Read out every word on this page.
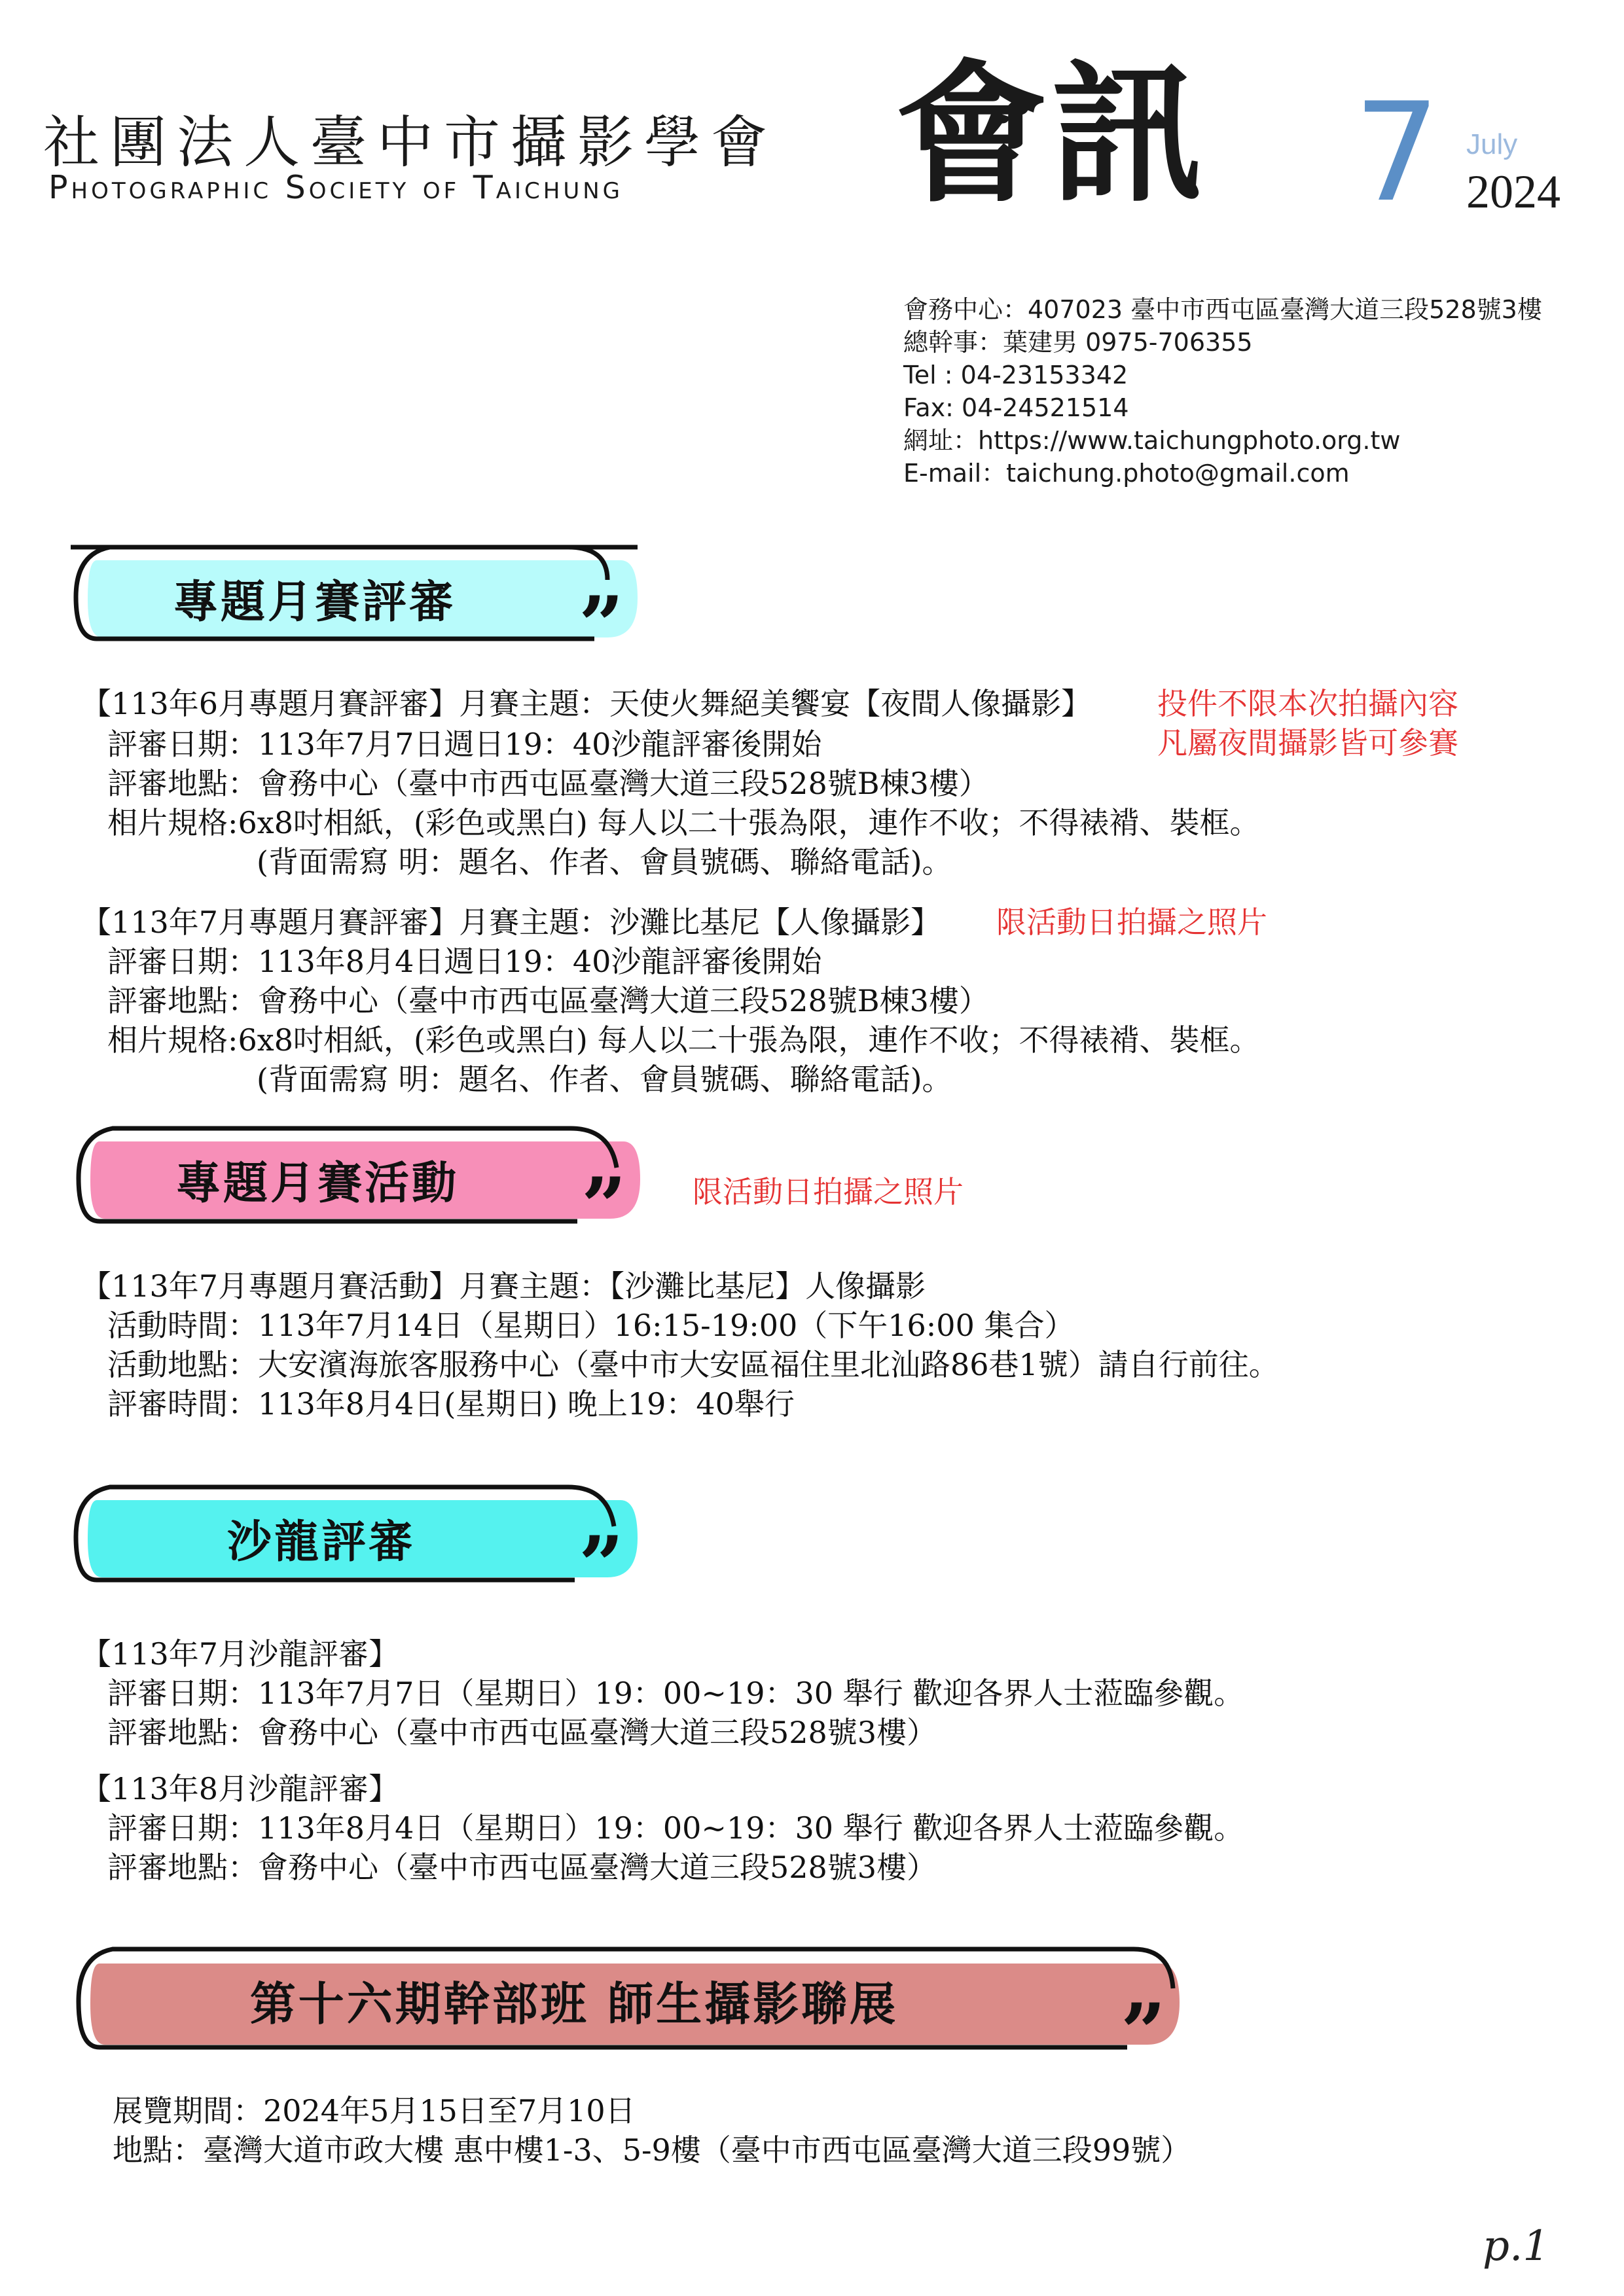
社團法人臺中市攝影學會
Photographic Society of Taichung 會訊 7 July
2024
會務中心：407023 臺中市西屯區臺灣大道三段528號3樓
總幹事：葉建男 0975-706355
Tel : 04-23153342
Fax: 04-24521514
網址：https://www.taichungphoto.org.tw
E-mail：taichung.photo@gmail.com
專題月賽評審	”
【113年6月專題月賽評審】月賽主題：天使火舞絕美饗宴【夜間人像攝影】 投件不限本次拍攝內容
凡屬夜間攝影皆可參賽
評審日期：113年7月7日週日19：40沙龍評審後開始
評審地點：會務中心（臺中市西屯區臺灣大道三段528號B棟3樓）
相片規格:6x8吋相紙，(彩色或黑白) 每人以二十張為限，連作不收；不得裱褙、裝框。
(背面需寫 明：題名、作者、會員號碼、聯絡電話)。
【113年7月專題月賽評審】月賽主題：沙灘比基尼【人像攝影】 限活動日拍攝之照片
評審日期：113年8月4日週日19：40沙龍評審後開始
評審地點：會務中心（臺中市西屯區臺灣大道三段528號B棟3樓）
相片規格:6x8吋相紙，(彩色或黑白) 每人以二十張為限，連作不收；不得裱褙、裝框。
(背面需寫 明：題名、作者、會員號碼、聯絡電話)。
專題月賽活動	” 限活動日拍攝之照片
【113年7月專題月賽活動】月賽主題：【沙灘比基尼】人像攝影
活動時間：113年7月14日（星期日）16:15-19:00（下午16:00 集合）
活動地點：大安濱海旅客服務中心（臺中市大安區福住里北汕路86巷1號）請自行前往。
評審時間：113年8月4日(星期日) 晚上19：40舉行
沙龍評審	”
【113年7月沙龍評審】
評審日期：113年7月7日（星期日）19：00~19：30 舉行 歡迎各界人士蒞臨參觀。
評審地點：會務中心（臺中市西屯區臺灣大道三段528號3樓）
【113年8月沙龍評審】
評審日期：113年8月4日（星期日）19：00~19：30 舉行 歡迎各界人士蒞臨參觀。
評審地點：會務中心（臺中市西屯區臺灣大道三段528號3樓）
第十六期幹部班 師生攝影聯展	”
展覽期間：2024年5月15日至7月10日
地點：臺灣大道市政大樓 惠中樓1-3、5-9樓（臺中市西屯區臺灣大道三段99號）
p.1
